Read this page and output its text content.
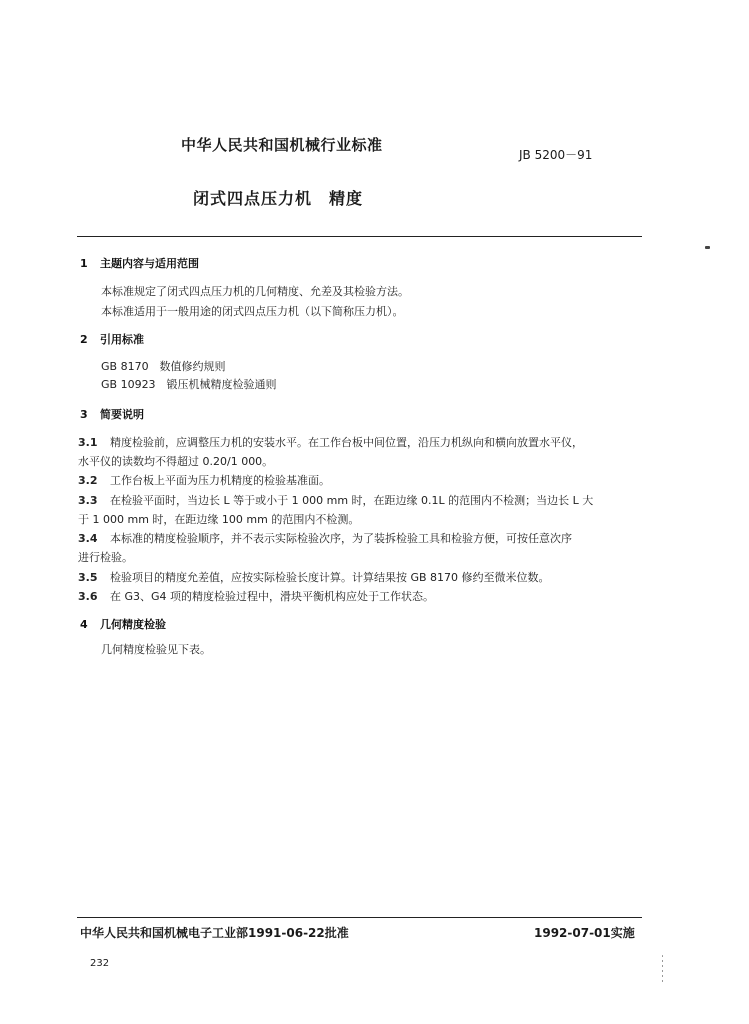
中华人民共和国机械行业标准
JB 5200－91
闭式四点压力机　精度
1 主题内容与适用范围
本标准规定了闭式四点压力机的几何精度、允差及其检验方法。
本标准适用于一般用途的闭式四点压力机（以下简称压力机）。
2 引用标准
GB 8170　数值修约规则
GB 10923　锻压机械精度检验通则
3 简要说明
3.1 精度检验前，应调整压力机的安装水平。在工作台板中间位置，沿压力机纵向和横向放置水平仪，
水平仪的读数均不得超过 0.20/1 000。
3.2 工作台板上平面为压力机精度的检验基准面。
3.3 在检验平面时，当边长 L 等于或小于 1 000 mm 时，在距边缘 0.1L 的范围内不检测；当边长 L 大
于 1 000 mm 时，在距边缘 100 mm 的范围内不检测。
3.4 本标准的精度检验顺序，并不表示实际检验次序，为了装拆检验工具和检验方便，可按任意次序
进行检验。
3.5 检验项目的精度允差值，应按实际检验长度计算。计算结果按 GB 8170 修约至微米位数。
3.6 在 G3、G4 项的精度检验过程中，滑块平衡机构应处于工作状态。
4 几何精度检验
几何精度检验见下表。
中华人民共和国机械电子工业部1991-06-22批准	1992-07-01实施
232
